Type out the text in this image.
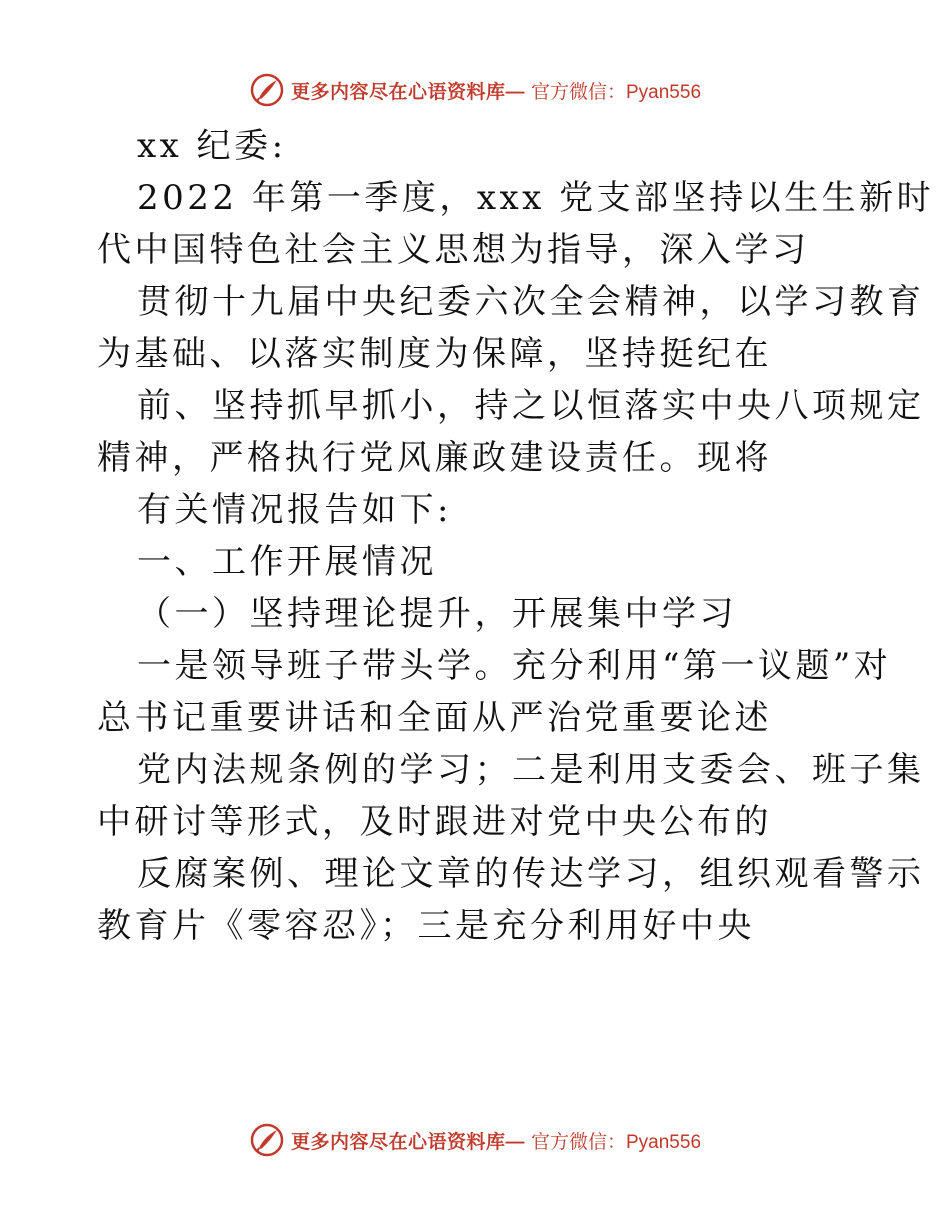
更多内容尽在心语资料库— 官方微信：Pyan556
xx 纪委:
2022 年第一季度，xxx 党支部坚持以生生新时
代中国特色社会主义思想为指导，深入学习
贯彻十九届中央纪委六次全会精神，以学习教育
为基础、以落实制度为保障，坚持挺纪在
前、坚持抓早抓小，持之以恒落实中央八项规定
精神，严格执行党风廉政建设责任。现将
有关情况报告如下:
一、工作开展情况
（一）坚持理论提升，开展集中学习
一是领导班子带头学。充分利用“第一议题”对
总书记重要讲话和全面从严治党重要论述
党内法规条例的学习；二是利用支委会、班子集
中研讨等形式，及时跟进对党中央公布的
反腐案例、理论文章的传达学习，组织观看警示
教育片《零容忍》；三是充分利用好中央
更多内容尽在心语资料库— 官方微信：Pyan556
